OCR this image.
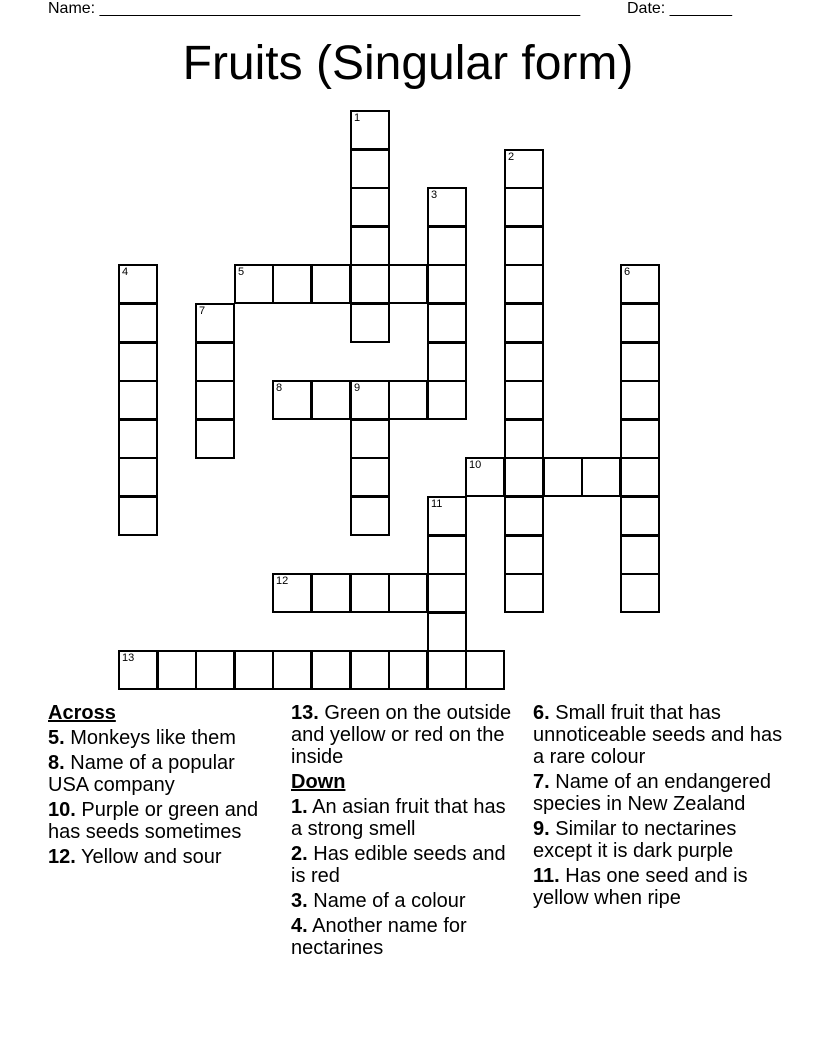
Name: ______________________________________________________	Date: _______
Fruits (Singular form)
1
2
3
4	5	6
7
8	9
10
11
12
13
Across
5. Monkeys like them
8. Name of a popular USA company
10. Purple or green and has seeds sometimes
12. Yellow and sour
13. Green on the outside and yellow or red on the inside
Down
1. An asian fruit that has a strong smell
2. Has edible seeds and is red
3. Name of a colour
4. Another name for nectarines
6. Small fruit that has unnoticeable seeds and has a rare colour
7. Name of an endangered species in New Zealand
9. Similar to nectarines except it is dark purple
11. Has one seed and is yellow when ripe
